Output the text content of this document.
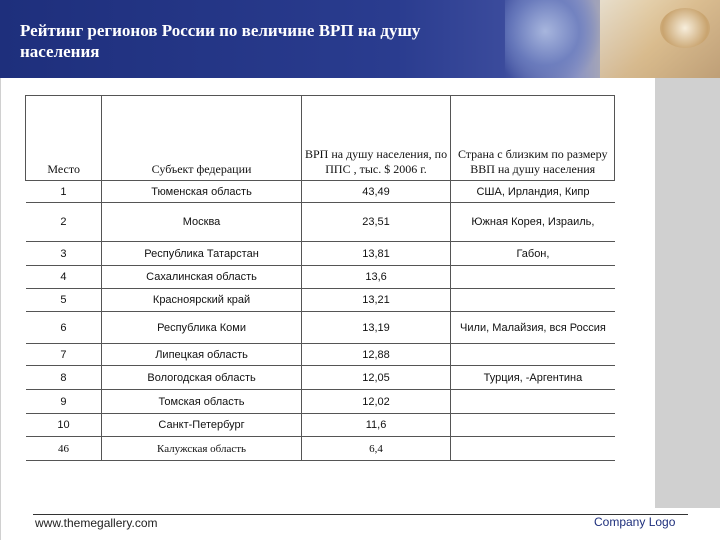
Рейтинг регионов России по величине ВРП на душу населения
Место	Субъект федерации	ВРП на душу населения, по ППС , тыс. $ 2006 г.	Страна с близким по размеру ВВП на душу населения
1	Тюменская область	43,49	США, Ирландия, Кипр
2	Москва	23,51	Южная Корея, Израиль,
3	Республика Татарстан	13,81	Габон,
4	Сахалинская область	13,6	
5	Красноярский край	13,21	
6	Республика Коми	13,19	Чили, Малайзия, вся Россия
7	Липецкая область	12,88	
8	Вологодская область	12,05	Турция, -Аргентина
9	Томская область	12,02	
10	Санкт-Петербург	11,6	
46	Калужская область	6,4	
www.themegallery.com	Company Logo
